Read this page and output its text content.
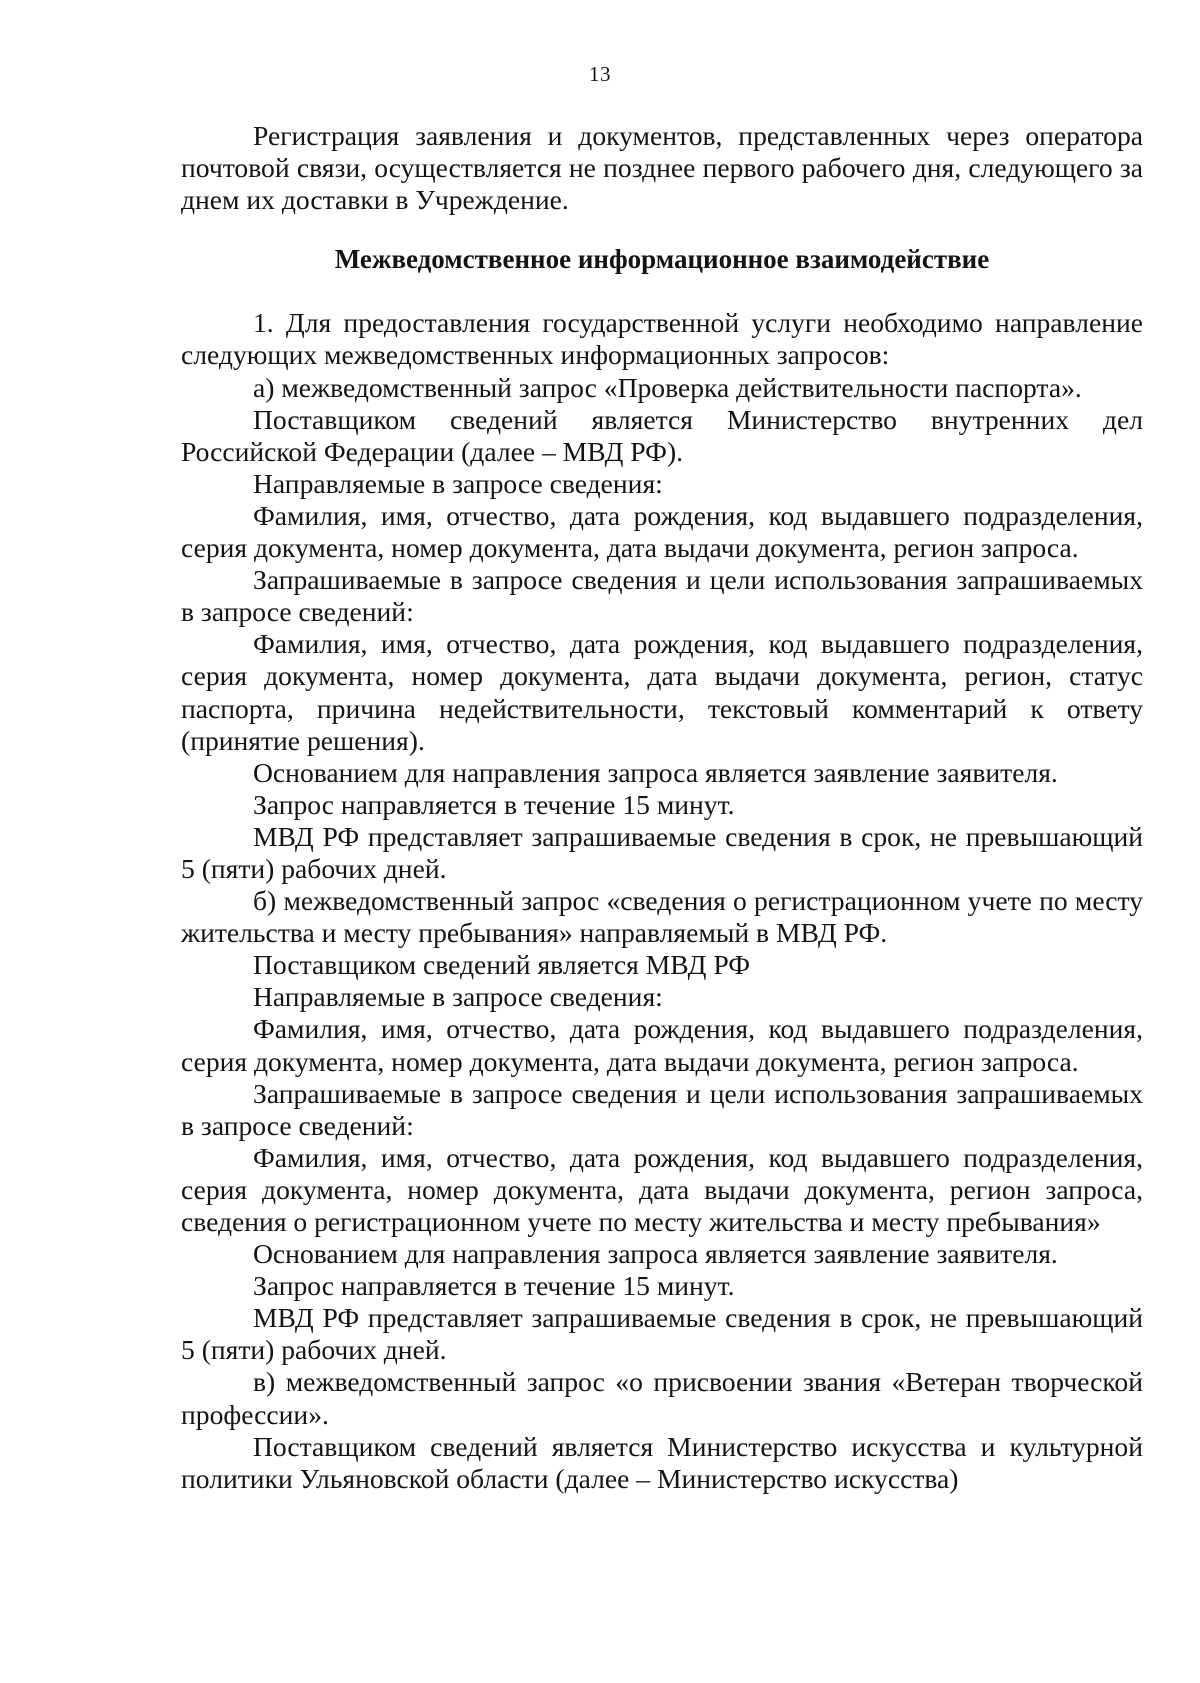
13

Регистрация заявления и документов, представленных через оператора почтовой связи, осуществляется не позднее первого рабочего дня, следующего за днем их доставки в Учреждение.

Межведомственное информационное взаимодействие

1. Для предоставления государственной услуги необходимо направление следующих межведомственных информационных запросов:

а) межведомственный запрос «Проверка действительности паспорта».

Поставщиком сведений является Министерство внутренних дел Российской Федерации (далее – МВД РФ).

Направляемые в запросе сведения:

Фамилия, имя, отчество, дата рождения, код выдавшего подразделения, серия документа, номер документа, дата выдачи документа, регион запроса.

Запрашиваемые в запросе сведения и цели использования запрашиваемых в запросе сведений:

Фамилия, имя, отчество, дата рождения, код выдавшего подразделения, серия документа, номер документа, дата выдачи документа, регион, статус паспорта, причина недействительности, текстовый комментарий к ответу (принятие решения).

Основанием для направления запроса является заявление заявителя.

Запрос направляется в течение 15 минут.

МВД РФ представляет запрашиваемые сведения в срок, не превышающий 5 (пяти) рабочих дней.

б) межведомственный запрос «сведения о регистрационном учете по месту жительства и месту пребывания» направляемый в МВД РФ.

Поставщиком сведений является МВД РФ

Направляемые в запросе сведения:

Фамилия, имя, отчество, дата рождения, код выдавшего подразделения, серия документа, номер документа, дата выдачи документа, регион запроса.

Запрашиваемые в запросе сведения и цели использования запрашиваемых в запросе сведений:

Фамилия, имя, отчество, дата рождения, код выдавшего подразделения, серия документа, номер документа, дата выдачи документа, регион запроса, сведения о регистрационном учете по месту жительства и месту пребывания»

Основанием для направления запроса является заявление заявителя.

Запрос направляется в течение 15 минут.

МВД РФ представляет запрашиваемые сведения в срок, не превышающий 5 (пяти) рабочих дней.

в) межведомственный запрос «о присвоении звания «Ветеран творческой профессии».

Поставщиком сведений является Министерство искусства и культурной политики Ульяновской области (далее – Министерство искусства)
